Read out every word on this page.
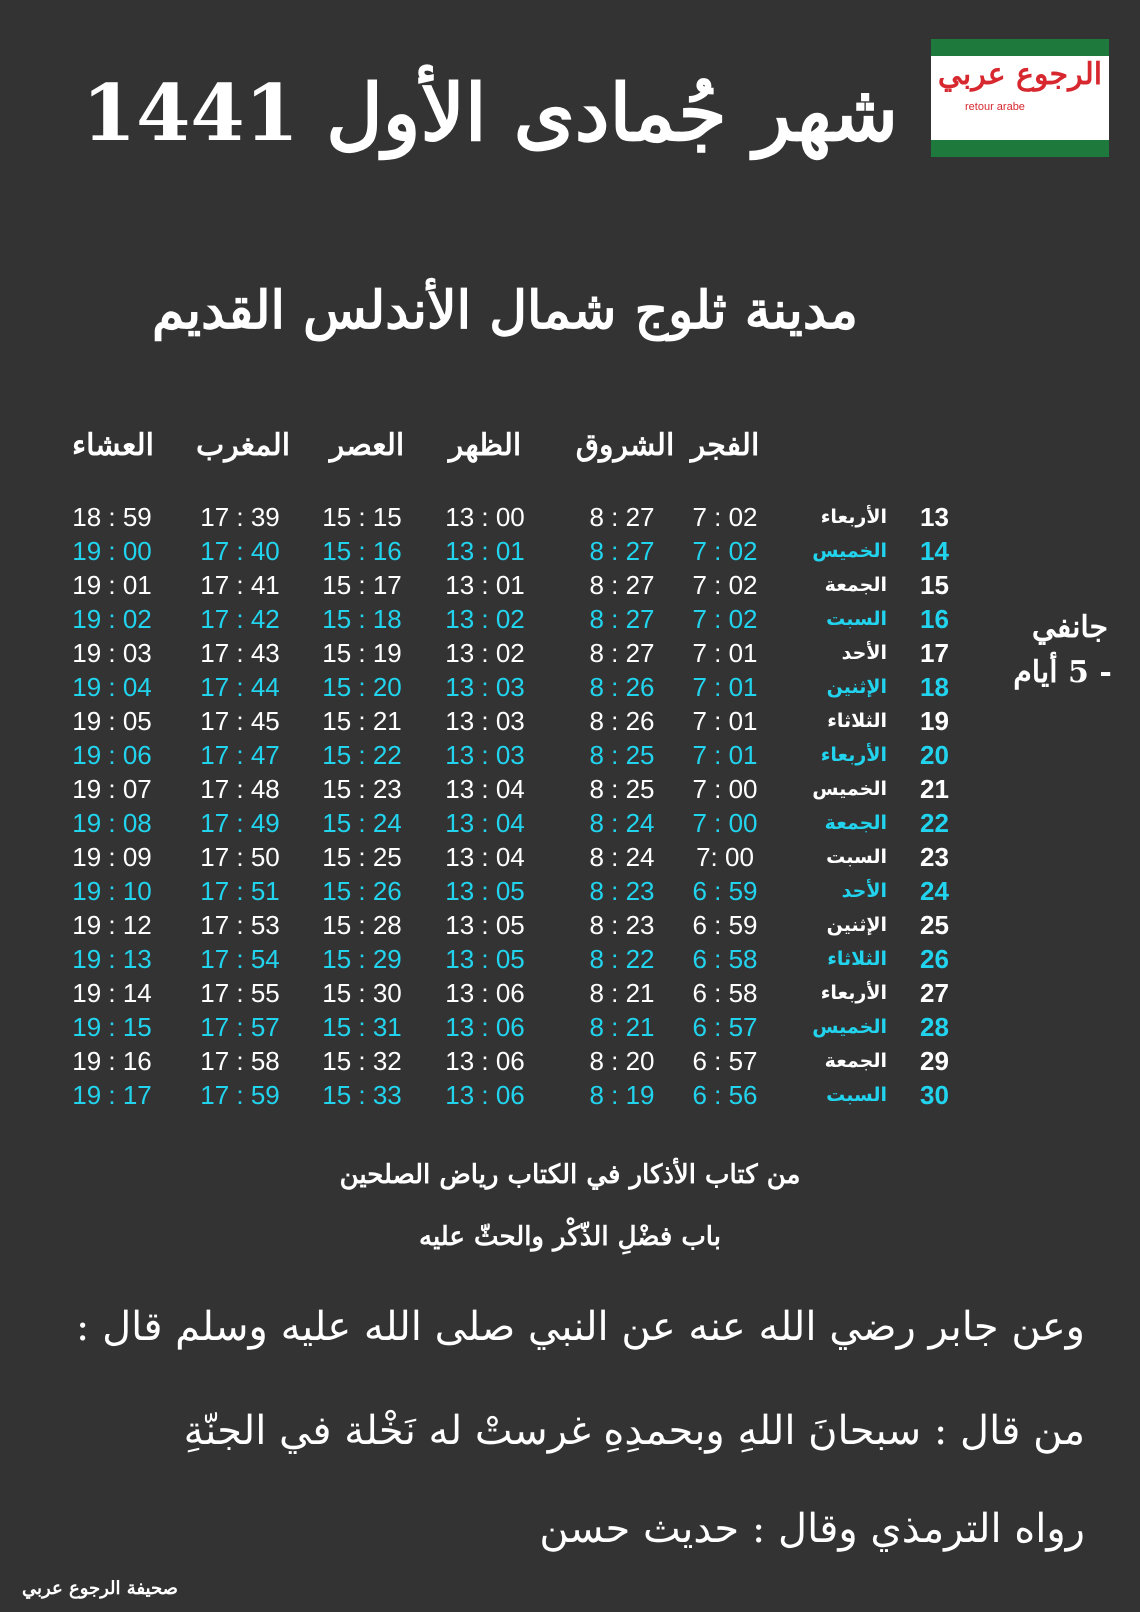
شهر جُمادى الأول 1441 الرجوع عربي
retour arabe
مدينة ثلوج شمال الأندلس القديم
العشاء	المغرب	العصر	الظهر	الشروق الفجر
18 : 59	17 : 39	15 : 15	13 : 00	8 : 27	7 : 02	الأربعاء 13
19 : 00	17 : 40	15 : 16	13 : 01	8 : 27	7 : 02	الخميس 14
19 : 01	17 : 41	15 : 17	13 : 01	8 : 27	7 : 02	الجمعة 15
19 : 02	17 : 42	15 : 18	13 : 02	8 : 27	7 : 02	السبت 16
19 : 03	17 : 43	15 : 19	13 : 02	8 : 27	7 : 01	الأحد 17
19 : 04	17 : 44	15 : 20	13 : 03	8 : 26	7 : 01	الإثنين 18
19 : 05	17 : 45	15 : 21	13 : 03	8 : 26	7 : 01	الثلاثاء 19
19 : 06	17 : 47	15 : 22	13 : 03	8 : 25	7 : 01	الأربعاء 20
19 : 07	17 : 48	15 : 23	13 : 04	8 : 25	7 : 00	الخميس 21
19 : 08	17 : 49	15 : 24	13 : 04	8 : 24	7 : 00	الجمعة 22
19 : 09	17 : 50	15 : 25	13 : 04	8 : 24	7: 00	السبت 23
19 : 10	17 : 51	15 : 26	13 : 05	8 : 23	6 : 59	الأحد 24
19 : 12	17 : 53	15 : 28	13 : 05	8 : 23	6 : 59	الإثنين 25
19 : 13	17 : 54	15 : 29	13 : 05	8 : 22	6 : 58	الثلاثاء 26
19 : 14	17 : 55	15 : 30	13 : 06	8 : 21	6 : 58	الأربعاء 27
19 : 15	17 : 57	15 : 31	13 : 06	8 : 21	6 : 57	الخميس 28
19 : 16	17 : 58	15 : 32	13 : 06	8 : 20	6 : 57	الجمعة 29
19 : 17	17 : 59	15 : 33	13 : 06	8 : 19	6 : 56	السبت 30
جانفي
- 5 أيام
من كتاب الأذكار في الكتاب رياض الصلحين
باب فضْلِ الذّكْر والحثّ عليه
وعن جابر رضي الله عنه عن النبي صلى الله عليه وسلم قال :
من قال : سبحانَ اللهِ وبحمدِهِ غرستْ له نَخْلة في الجنّةِ
رواه الترمذي وقال : حديث حسن
صحيفة الرجوع عربي
